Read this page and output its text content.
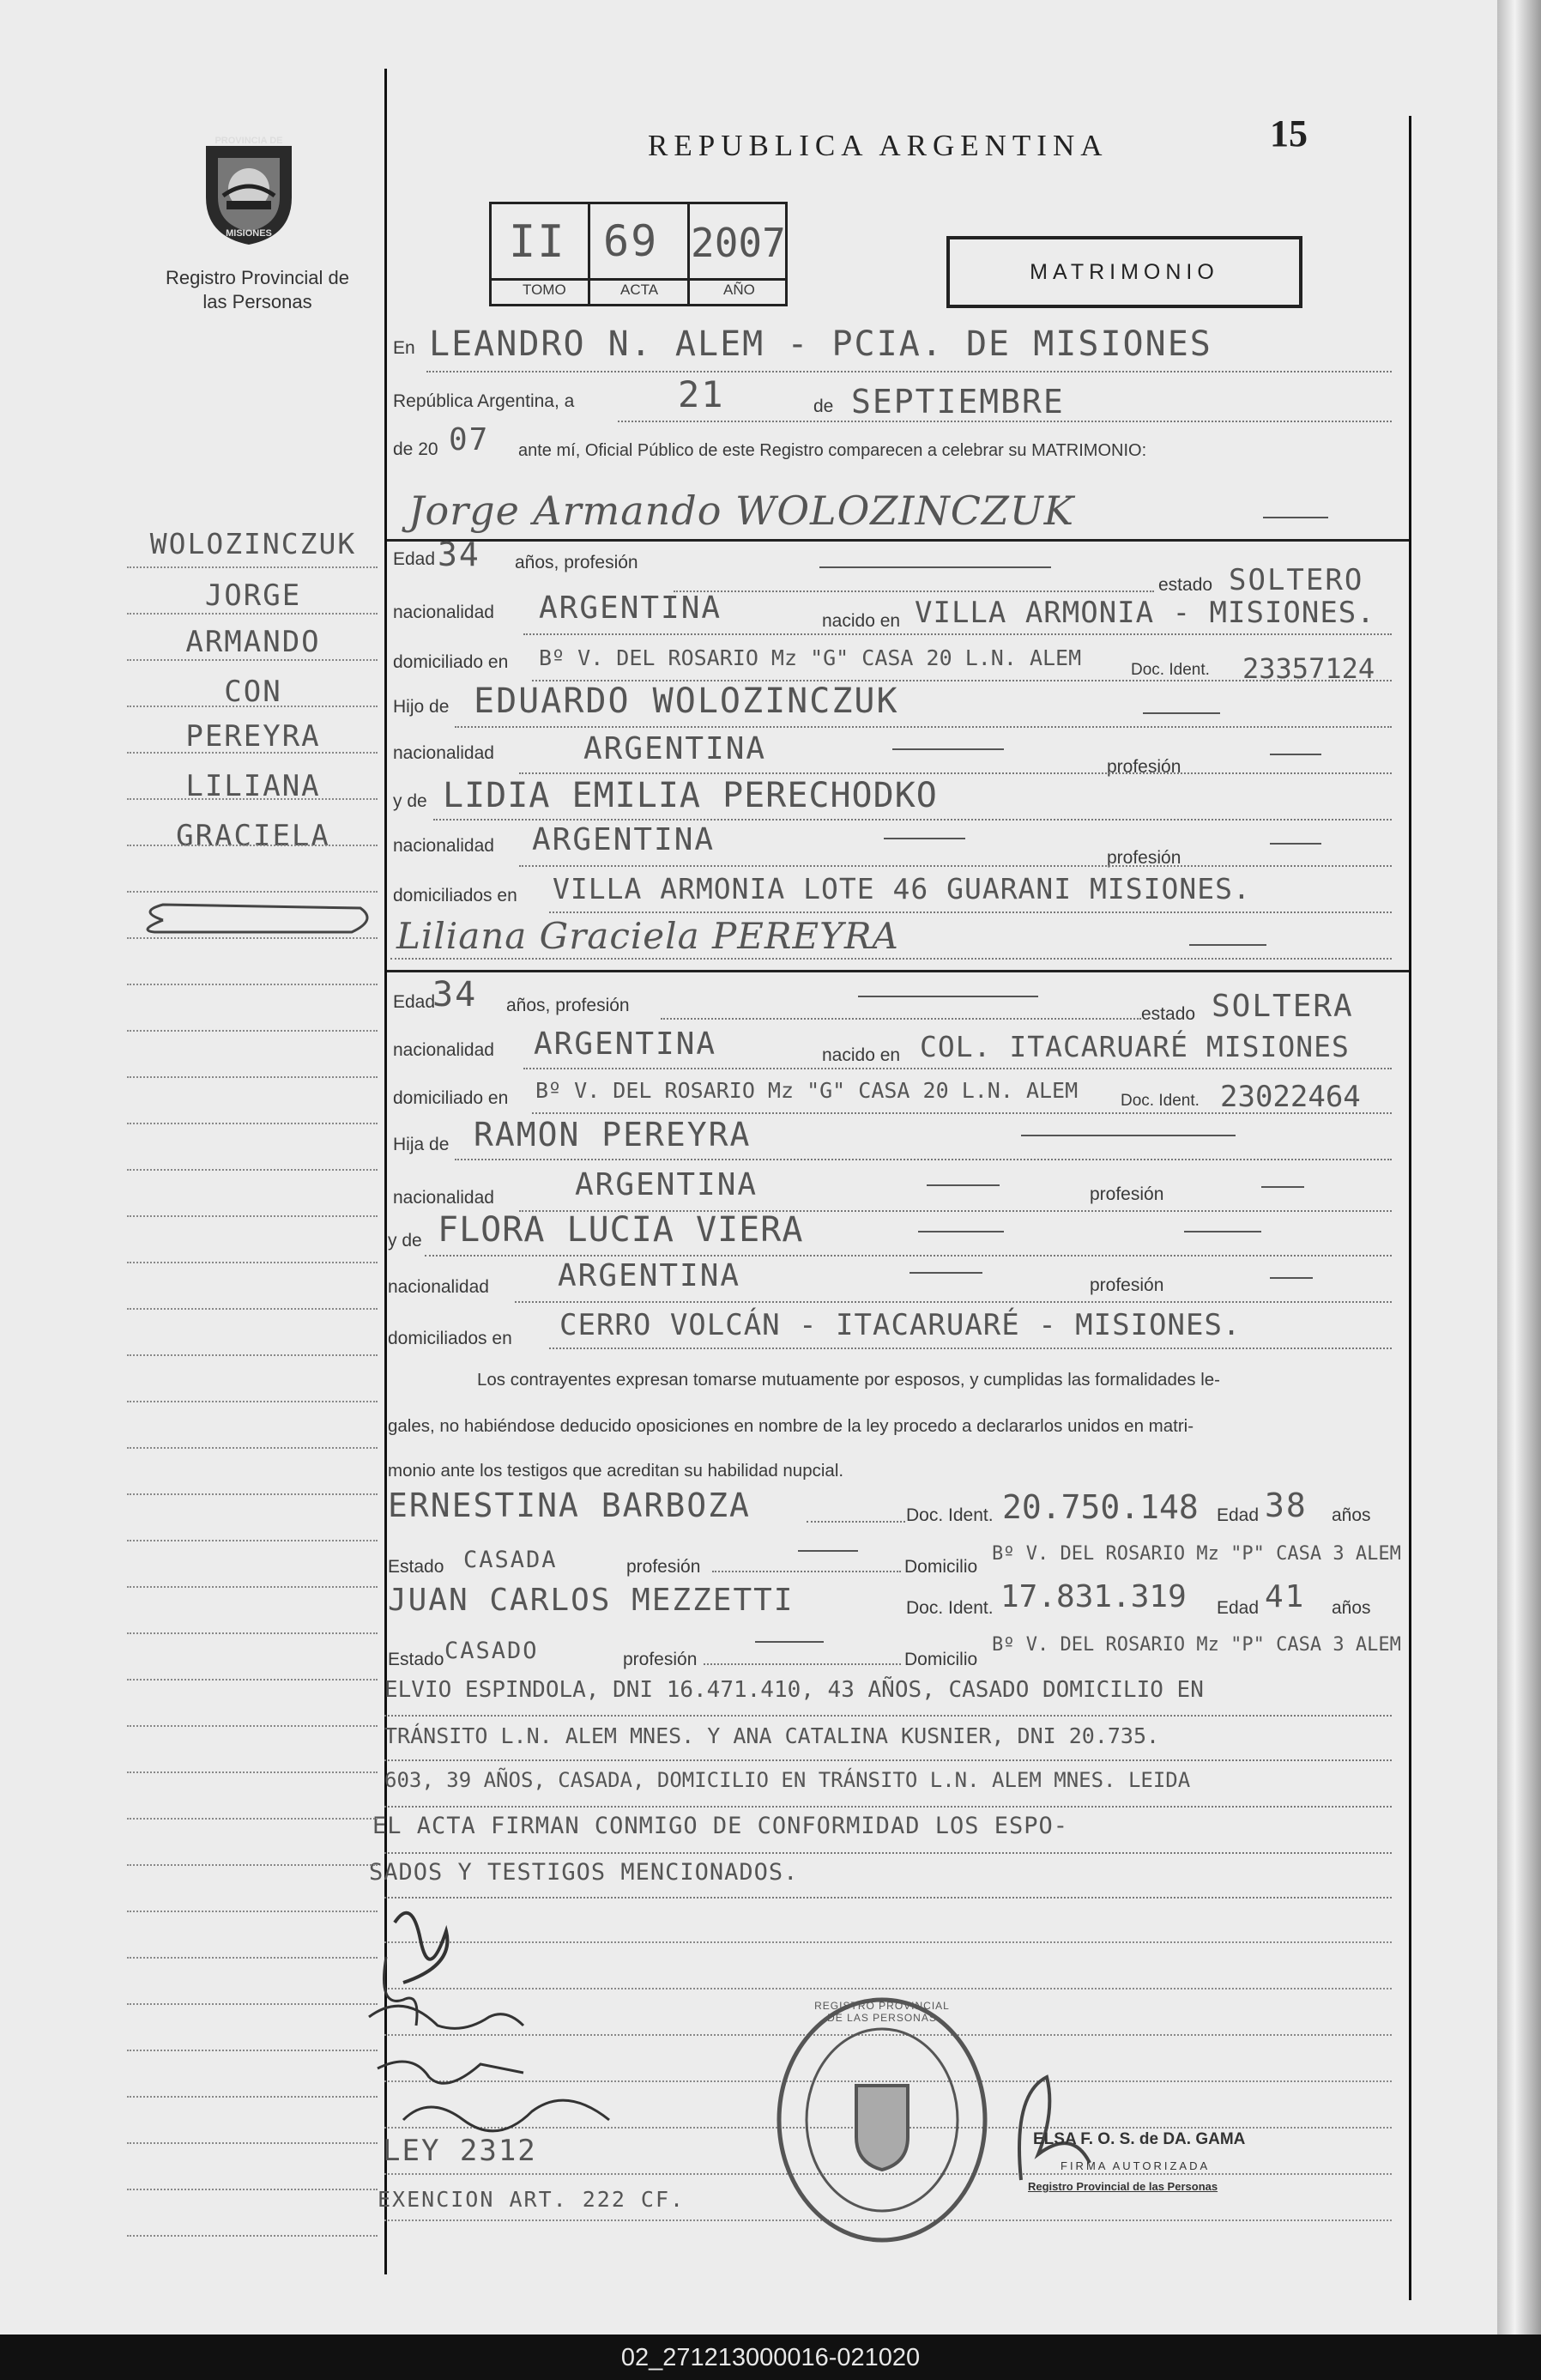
PROVINCIA DE
MISIONES
Registro Provincial de las Personas
REPUBLICA ARGENTINA	15
II 69 2007
TOMO	ACTA	AÑO
MATRIMONIO
En LEANDRO N. ALEM - PCIA. DE MISIONES
República Argentina, a	21	de SEPTIEMBRE
de 20 07 ante mí, Oficial Público de este Registro comparecen a celebrar su MATRIMONIO:
Jorge Armando WOLOZINCZUK
Edad 34 años, profesión
estado SOLTERO
nacionalidad ARGENTINA	nacido en VILLA ARMONIA - MISIONES.
domiciliado en Bº V. DEL ROSARIO Mz "G" CASA 20 L.N. ALEM	Doc. Ident. 23357124
Hijo de EDUARDO WOLOZINCZUK
nacionalidad	ARGENTINA
profesión
y de LIDIA EMILIA PERECHODKO
nacionalidad ARGENTINA
profesión
domiciliados en VILLA ARMONIA LOTE 46 GUARANI MISIONES.
Liliana Graciela PEREYRA
Edad
34 años, profesión	estado SOLTERA
nacionalidad ARGENTINA	nacido en COL. ITACARUARÉ MISIONES
domiciliado en Bº V. DEL ROSARIO Mz "G" CASA 20 L.N. ALEM	Doc. Ident. 23022464
Hija de RAMON PEREYRA
nacionalidad	ARGENTINA	profesión
y de FLORA LUCIA VIERA
nacionalidad ARGENTINA	profesión
domiciliados en CERRO VOLCÁN - ITACARUARÉ - MISIONES.
Los contrayentes expresan tomarse mutuamente por esposos, y cumplidas las formalidades le-
gales, no habiéndose deducido oposiciones en nombre de la ley procedo a declararlos unidos en matri-
monio ante los testigos que acreditan su habilidad nupcial.
ERNESTINA BARBOZA	Doc. Ident. 20.750.148 Edad 38 años
Estado CASADA	profesión	Domicilio
Bº V. DEL ROSARIO Mz "P" CASA 3 ALEM
JUAN CARLOS MEZZETTI	Doc. Ident. 17.831.319 Edad 41 años
Estado CASADO	profesión	Domicilio
Bº V. DEL ROSARIO Mz "P" CASA 3 ALEM
ELVIO ESPINDOLA, DNI 16.471.410, 43 AÑOS, CASADO DOMICILIO EN
TRÁNSITO L.N. ALEM MNES. Y ANA CATALINA KUSNIER, DNI 20.735.
603, 39 AÑOS, CASADA, DOMICILIO EN TRÁNSITO L.N. ALEM MNES. LEIDA
EL ACTA FIRMAN CONMIGO DE CONFORMIDAD LOS ESPO-
SADOS Y TESTIGOS MENCIONADOS.
LEY 2312
EXENCION ART. 222 CF.
REGISTRO PROVINCIAL DE LAS PERSONAS
ELSA F. O. S. de DA. GAMA
FIRMA AUTORIZADA
Registro Provincial de las Personas
WOLOZINCZUK
JORGE
ARMANDO
CON
PEREYRA
LILIANA
GRACIELA
02_271213000016-021020
